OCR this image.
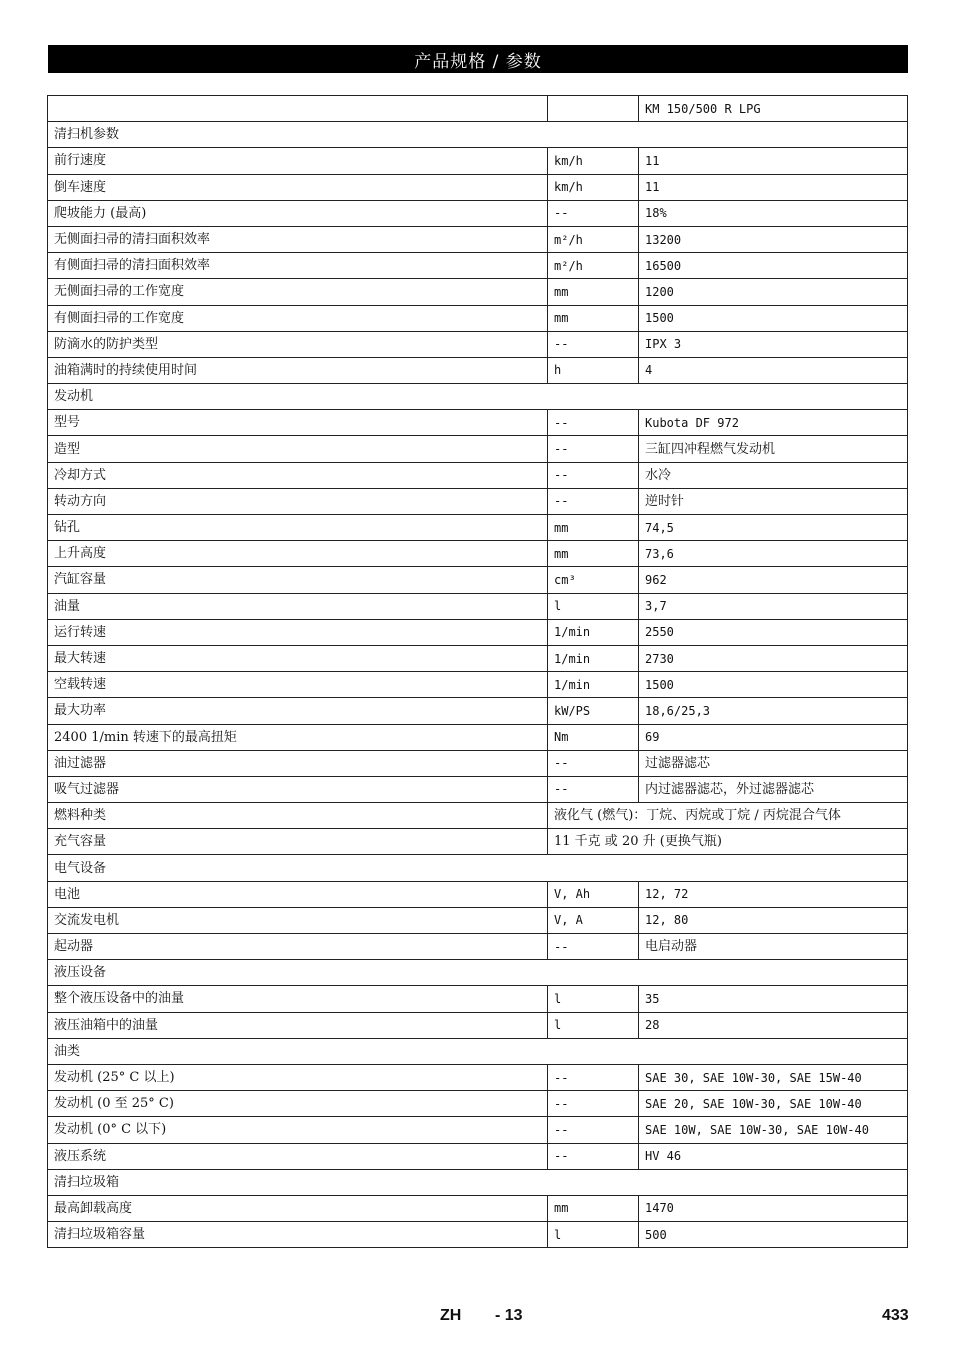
产品规格 / 参数
		KM 150/500 R LPG
清扫机参数		
前行速度	km/h	11
倒车速度	km/h	11
爬坡能力 (最高)	--	18%
无侧面扫帚的清扫面积效率	m²/h	13200
有侧面扫帚的清扫面积效率	m²/h	16500
无侧面扫帚的工作宽度	mm	1200
有侧面扫帚的工作宽度	mm	1500
防滴水的防护类型	--	IPX 3
油箱满时的持续使用时间	h	4
发动机		
型号	--	Kubota DF 972
造型	--	三缸四冲程燃气发动机
冷却方式	--	水冷
转动方向	--	逆时针
钻孔	mm	74,5
上升高度	mm	73,6
汽缸容量	cm³	962
油量	l	3,7
运行转速	1/min	2550
最大转速	1/min	2730
空载转速	1/min	1500
最大功率	kW/PS	18,6/25,3
2400 1/min 转速下的最高扭矩	Nm	69
油过滤器	--	过滤器滤芯
吸气过滤器	--	内过滤器滤芯，外过滤器滤芯
燃料种类	液化气 (燃气)：丁烷、丙烷或丁烷 / 丙烷混合气体	
充气容量	11 千克 或 20 升 (更换气瓶)	
电气设备		
电池	V, Ah	12, 72
交流发电机	V, A	12, 80
起动器	--	电启动器
液压设备		
整个液压设备中的油量	l	35
液压油箱中的油量	l	28
油类		
发动机 (25° C 以上)	--	SAE 30, SAE 10W-30, SAE 15W-40
发动机 (0 至 25° C)	--	SAE 20, SAE 10W-30, SAE 10W-40
发动机 (0° C 以下)	--	SAE 10W, SAE 10W-30, SAE 10W-40
液压系统	--	HV 46
清扫垃圾箱		
最高卸载高度	mm	1470
清扫垃圾箱容量	l	500
ZH - 13	433
